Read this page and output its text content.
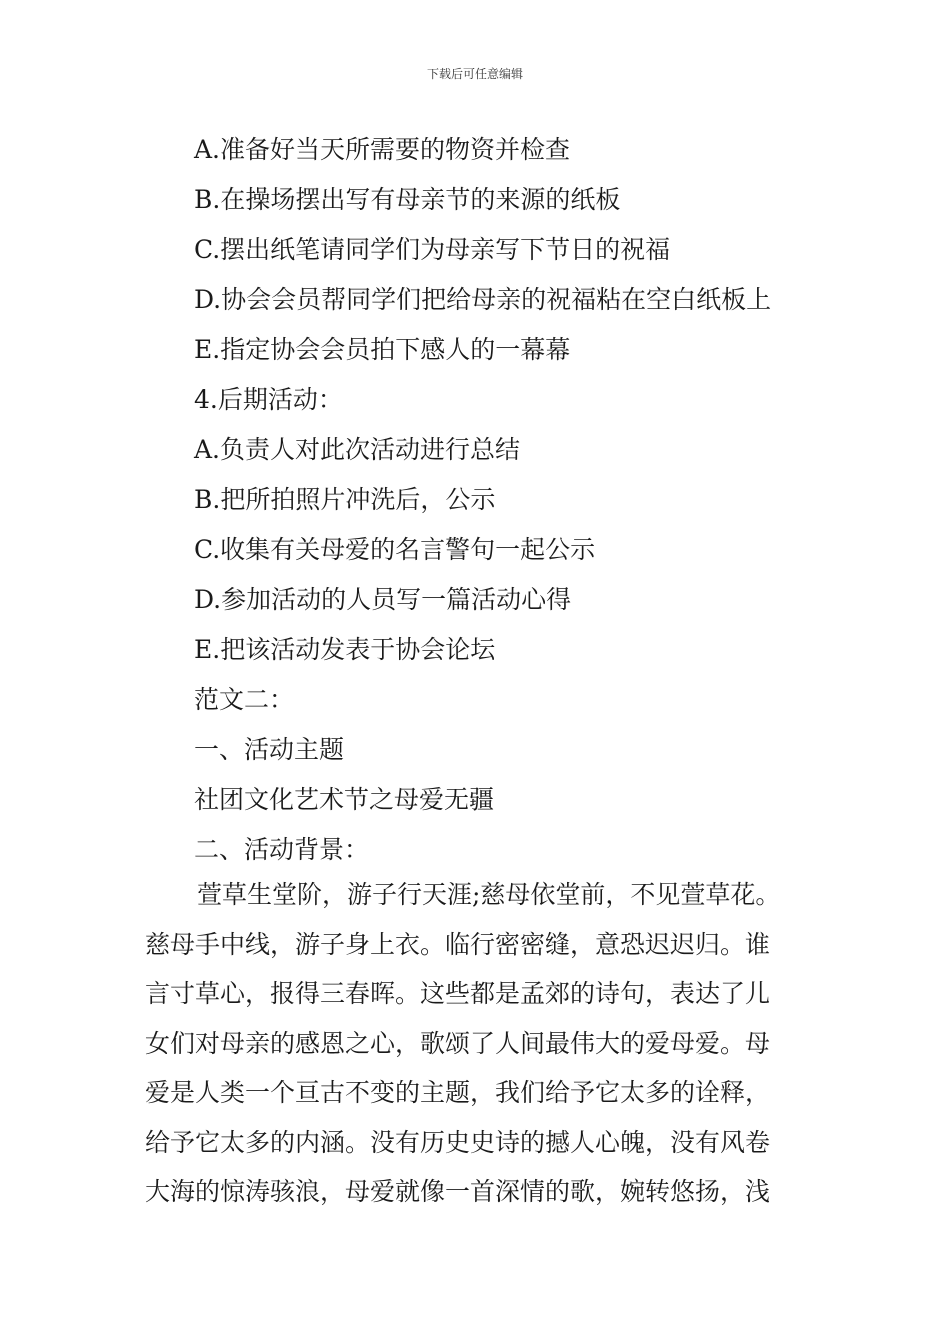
下载后可任意编辑
A.准备好当天所需要的物资并检查
B.在操场摆出写有母亲节的来源的纸板
C.摆出纸笔请同学们为母亲写下节日的祝福
D.协会会员帮同学们把给母亲的祝福粘在空白纸板上
E.指定协会会员拍下感人的一幕幕
4.后期活动：
A.负责人对此次活动进行总结
B.把所拍照片冲洗后，公示
C.收集有关母爱的名言警句一起公示
D.参加活动的人员写一篇活动心得
E.把该活动发表于协会论坛
范文二：
一、活动主题
社团文化艺术节之母爱无疆
二、活动背景：
萱草生堂阶，游子行天涯;慈母依堂前，不见萱草花。
慈母手中线，游子身上衣。临行密密缝，意恐迟迟归。谁
言寸草心，报得三春晖。这些都是孟郊的诗句，表达了儿
女们对母亲的感恩之心，歌颂了人间最伟大的爱母爱。母
爱是人类一个亘古不变的主题，我们给予它太多的诠释，
给予它太多的内涵。没有历史史诗的撼人心魄，没有风卷
大海的惊涛骇浪，母爱就像一首深情的歌，婉转悠扬，浅
